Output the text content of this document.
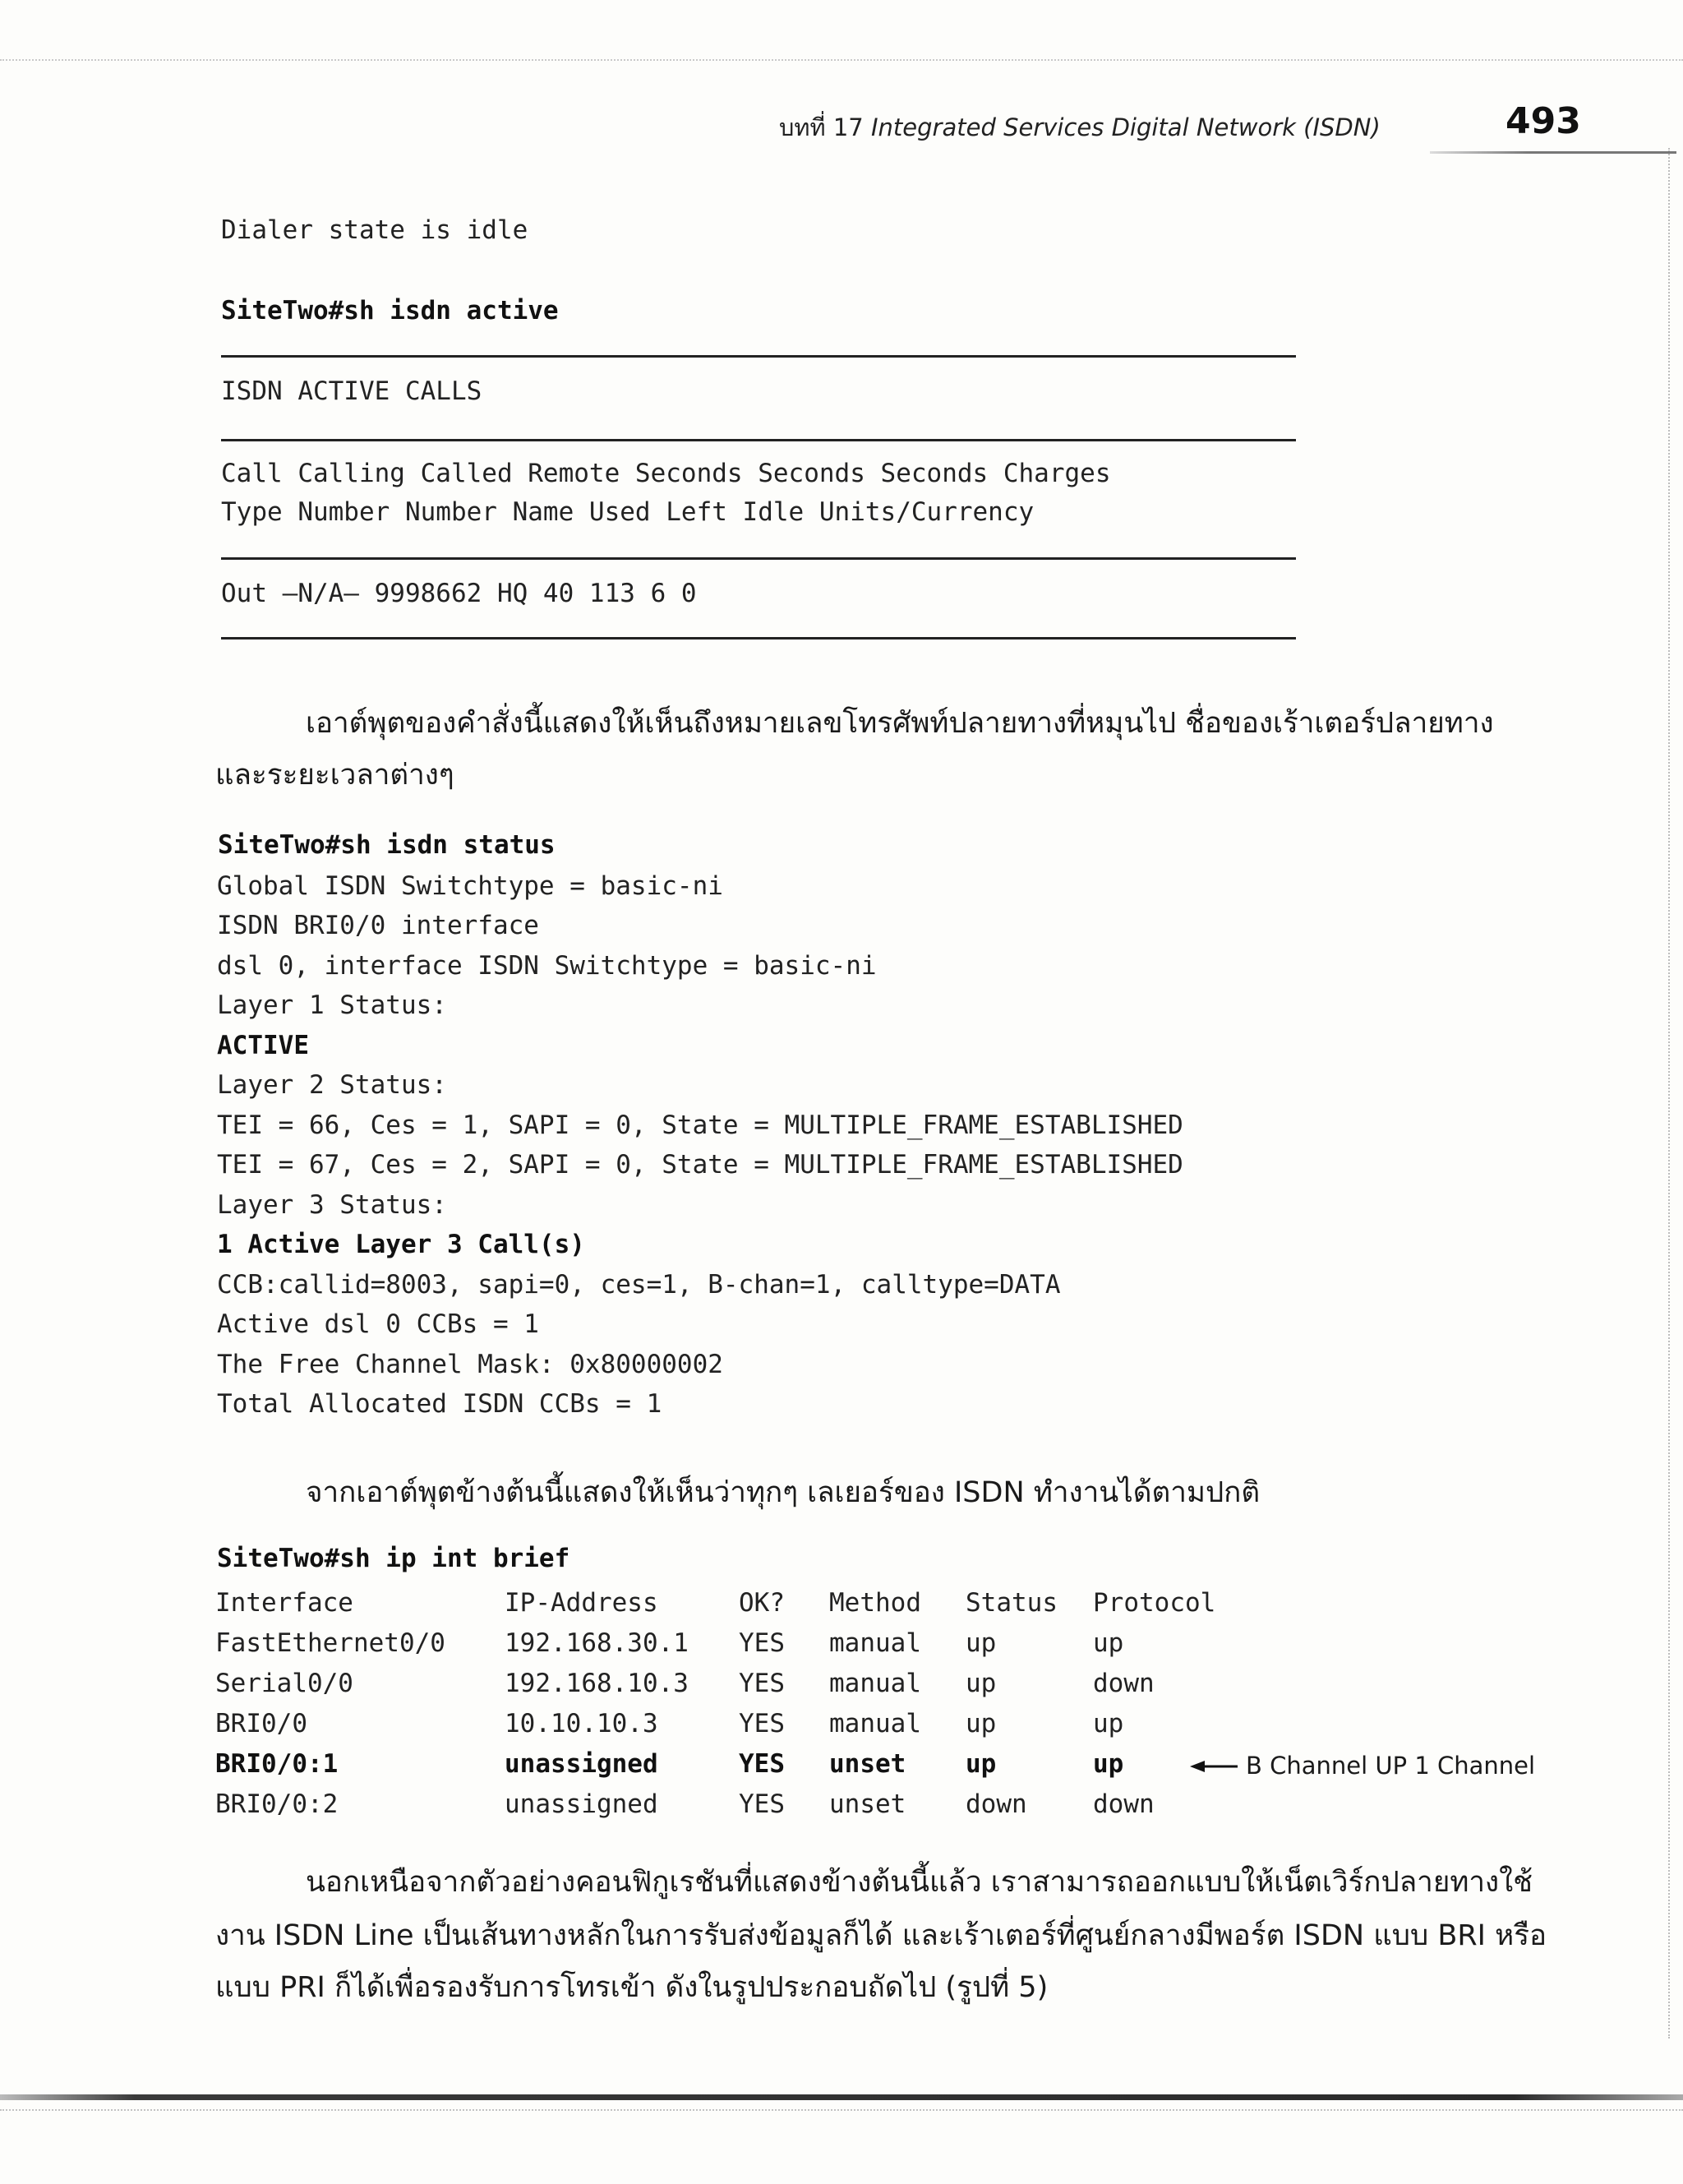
บทที่ 17 Integrated Services Digital Network (ISDN)	493
Dialer state is idle
SiteTwo#sh isdn active
ISDN ACTIVE CALLS
Call Calling Called Remote Seconds Seconds Seconds Charges
Type Number Number Name Used Left Idle Units/Currency
Out —N/A— 9998662 HQ 40 113 6 0
เอาต์พุตของคำสั่งนี้แสดงให้เห็นถึงหมายเลขโทรศัพท์ปลายทางที่หมุนไป ชื่อของเร้าเตอร์ปลายทาง
และระยะเวลาต่างๆ
SiteTwo#sh isdn status
Global ISDN Switchtype = basic-ni
ISDN BRI0/0 interface
dsl 0, interface ISDN Switchtype = basic-ni
Layer 1 Status:
ACTIVE
Layer 2 Status:
TEI = 66, Ces = 1, SAPI = 0, State = MULTIPLE_FRAME_ESTABLISHED
TEI = 67, Ces = 2, SAPI = 0, State = MULTIPLE_FRAME_ESTABLISHED
Layer 3 Status:
1 Active Layer 3 Call(s)
CCB:callid=8003, sapi=0, ces=1, B-chan=1, calltype=DATA
Active dsl 0 CCBs = 1
The Free Channel Mask: 0x80000002
Total Allocated ISDN CCBs = 1
จากเอาต์พุตข้างต้นนี้แสดงให้เห็นว่าทุกๆ เลเยอร์ของ ISDN ทำงานได้ตามปกติ
SiteTwo#sh ip int brief
Interface	IP-Address	OK?	Method	Status	Protocol
FastEthernet0/0	192.168.30.1	YES	manual	up	up
Serial0/0	192.168.10.3	YES	manual	up	down
BRI0/0	10.10.10.3	YES	manual	up	up
BRI0/0:1	unassigned	YES	unset	up	up
BRI0/0:2	unassigned	YES	unset	down	down
B Channel UP 1 Channel
นอกเหนือจากตัวอย่างคอนฟิกูเรชันที่แสดงข้างต้นนี้แล้ว เราสามารถออกแบบให้เน็ตเวิร์กปลายทางใช้
งาน ISDN Line เป็นเส้นทางหลักในการรับส่งข้อมูลก็ได้ และเร้าเตอร์ที่ศูนย์กลางมีพอร์ต ISDN แบบ BRI หรือ
แบบ PRI ก็ได้เพื่อรองรับการโทรเข้า ดังในรูปประกอบถัดไป (รูปที่ 5)
